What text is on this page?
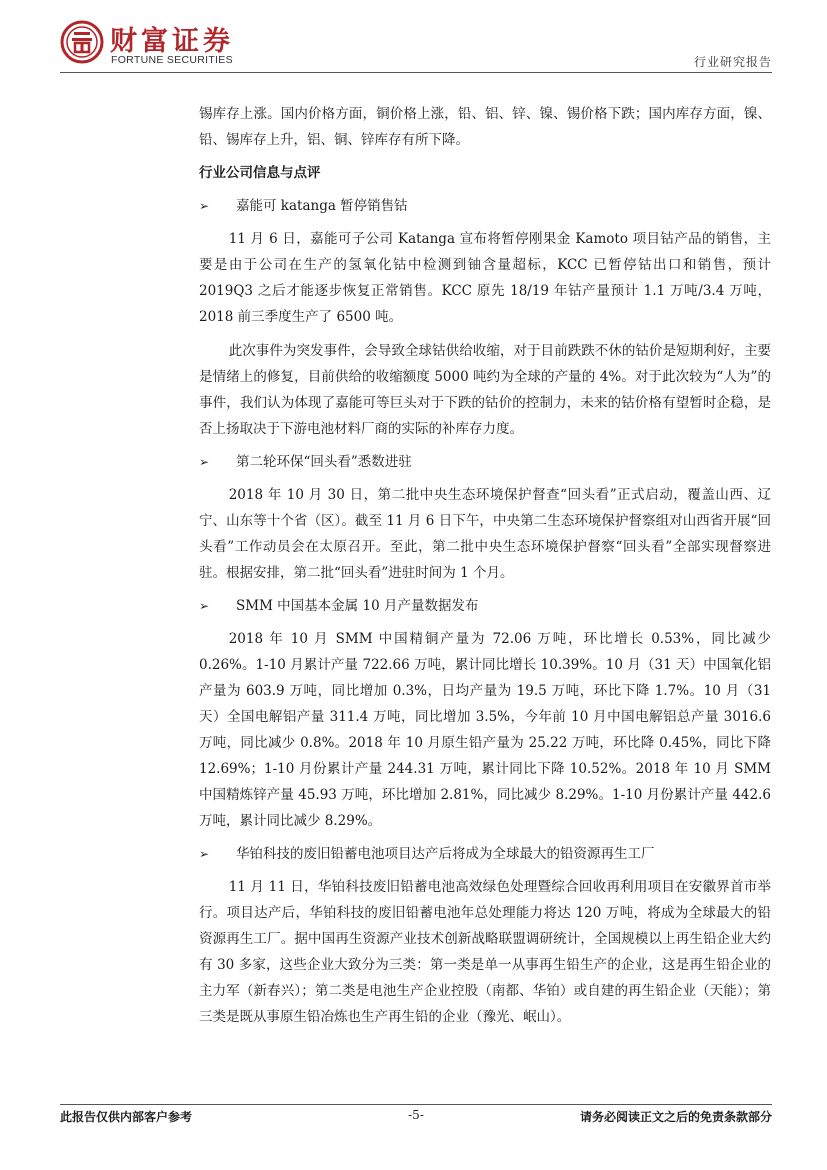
财富证券
FORTUNE SECURITIES	行业研究报告

锡库存上涨。国内价格方面，铜价格上涨，铅、铝、锌、镍、锡价格下跌；国内库存方面，镍、铅、锡库存上升，铝、铜、锌库存有所下降。

行业公司信息与点评
➢	嘉能可 katanga 暂停销售钴

11 月 6 日，嘉能可子公司 Katanga 宣布将暂停刚果金 Kamoto 项目钴产品的销售，主要是由于公司在生产的氢氧化钴中检测到铀含量超标，KCC 已暂停钴出口和销售，预计 2019Q3 之后才能逐步恢复正常销售。KCC 原先 18/19 年钴产量预计 1.1 万吨/3.4 万吨，2018 前三季度生产了 6500 吨。

此次事件为突发事件，会导致全球钴供给收缩，对于目前跌跌不休的钴价是短期利好，主要是情绪上的修复，目前供给的收缩额度 5000 吨约为全球的产量的 4%。对于此次较为“人为”的事件，我们认为体现了嘉能可等巨头对于下跌的钴价的控制力，未来的钴价格有望暂时企稳，是否上扬取决于下游电池材料厂商的实际的补库存力度。

➢	第二轮环保“回头看”悉数进驻

2018 年 10 月 30 日，第二批中央生态环境保护督查“回头看”正式启动，覆盖山西、辽宁、山东等十个省（区）。截至 11 月 6 日下午，中央第二生态环境保护督察组对山西省开展“回头看”工作动员会在太原召开。至此，第二批中央生态环境保护督察“回头看”全部实现督察进驻。根据安排，第二批“回头看”进驻时间为 1 个月。

➢	SMM 中国基本金属 10 月产量数据发布

2018 年 10 月 SMM 中国精铜产量为 72.06 万吨，环比增长 0.53%，同比减少 0.26%。1-10 月累计产量 722.66 万吨，累计同比增长 10.39%。10 月（31 天）中国氧化铝产量为 603.9 万吨，同比增加 0.3%，日均产量为 19.5 万吨，环比下降 1.7%。10 月（31 天）全国电解铝产量 311.4 万吨，同比增加 3.5%，今年前 10 月中国电解铝总产量 3016.6 万吨，同比减少 0.8%。2018 年 10 月原生铅产量为 25.22 万吨，环比降 0.45%，同比下降 12.69%；1-10 月份累计产量 244.31 万吨，累计同比下降 10.52%。2018 年 10 月 SMM 中国精炼锌产量 45.93 万吨，环比增加 2.81%，同比减少 8.29%。1-10 月份累计产量 442.6 万吨，累计同比减少 8.29%。

➢	华铂科技的废旧铅蓄电池项目达产后将成为全球最大的铅资源再生工厂

11 月 11 日，华铂科技废旧铅蓄电池高效绿色处理暨综合回收再利用项目在安徽界首市举行。项目达产后，华铂科技的废旧铅蓄电池年总处理能力将达 120 万吨，将成为全球最大的铅资源再生工厂。据中国再生资源产业技术创新战略联盟调研统计，全国规模以上再生铅企业大约有 30 多家，这些企业大致分为三类：第一类是单一从事再生铅生产的企业，这是再生铅企业的主力军（新春兴）；第二类是电池生产企业控股（南都、华铂）或自建的再生铅企业（天能）；第三类是既从事原生铅冶炼也生产再生铅的企业（豫光、岷山）。

此报告仅供内部客户参考	-5-	请务必阅读正文之后的免责条款部分
